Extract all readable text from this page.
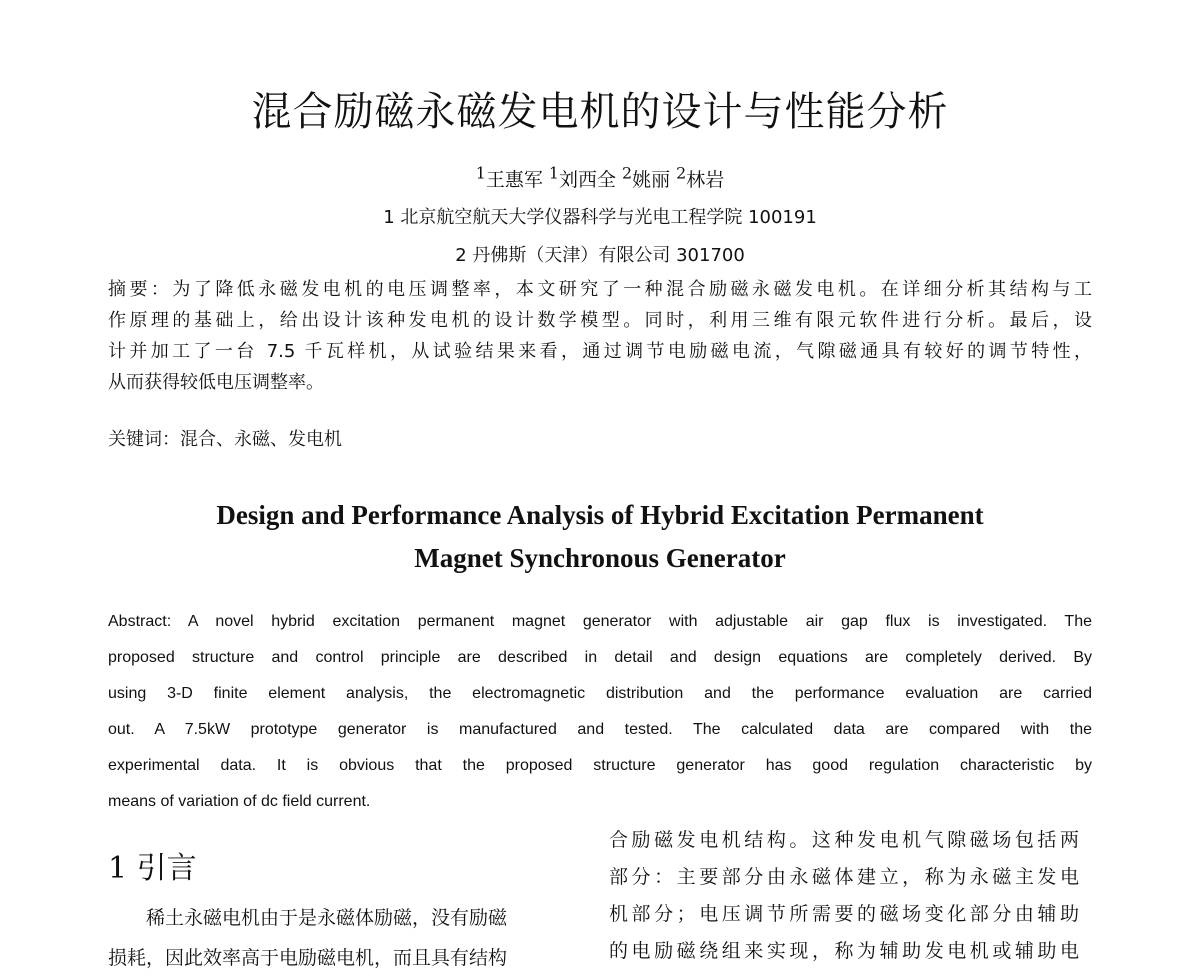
混合励磁永磁发电机的设计与性能分析
$^1$王惠军 $^1$刘西全 $^2$姚丽 $^2$林岩
1 北京航空航天大学仪器科学与光电工程学院 100191
2 丹佛斯（天津）有限公司 301700
摘要：为了降低永磁发电机的电压调整率，本文研究了一种混合励磁永磁发电机。在详细分析其结构与工
作原理的基础上，给出设计该种发电机的设计数学模型。同时，利用三维有限元软件进行分析。最后，设
计并加工了一台 7.5 千瓦样机，从试验结果来看，通过调节电励磁电流，气隙磁通具有较好的调节特性，
从而获得较低电压调整率。
关键词：混合、永磁、发电机
Design and Performance Analysis of Hybrid Excitation Permanent
Magnet Synchronous Generator
Abstract: A novel hybrid excitation permanent magnet generator with adjustable air gap flux is investigated. The
proposed structure and control principle are described in detail and design equations are completely derived. By
using 3-D finite element analysis, the electromagnetic distribution and the performance evaluation are carried
out. A 7.5kW prototype generator is manufactured and tested. The calculated data are compared with the
experimental data. It is obvious that the proposed structure generator has good regulation characteristic by
means of variation of dc field current.
1 引言
　　稀土永磁电机由于是永磁体励磁，没有励磁
损耗，因此效率高于电励磁电机，而且具有结构
合励磁发电机结构。这种发电机气隙磁场包括两
部分：主要部分由永磁体建立，称为永磁主发电
机部分；电压调节所需要的磁场变化部分由辅助
的电励磁绕组来实现，称为辅助发电机或辅助电
